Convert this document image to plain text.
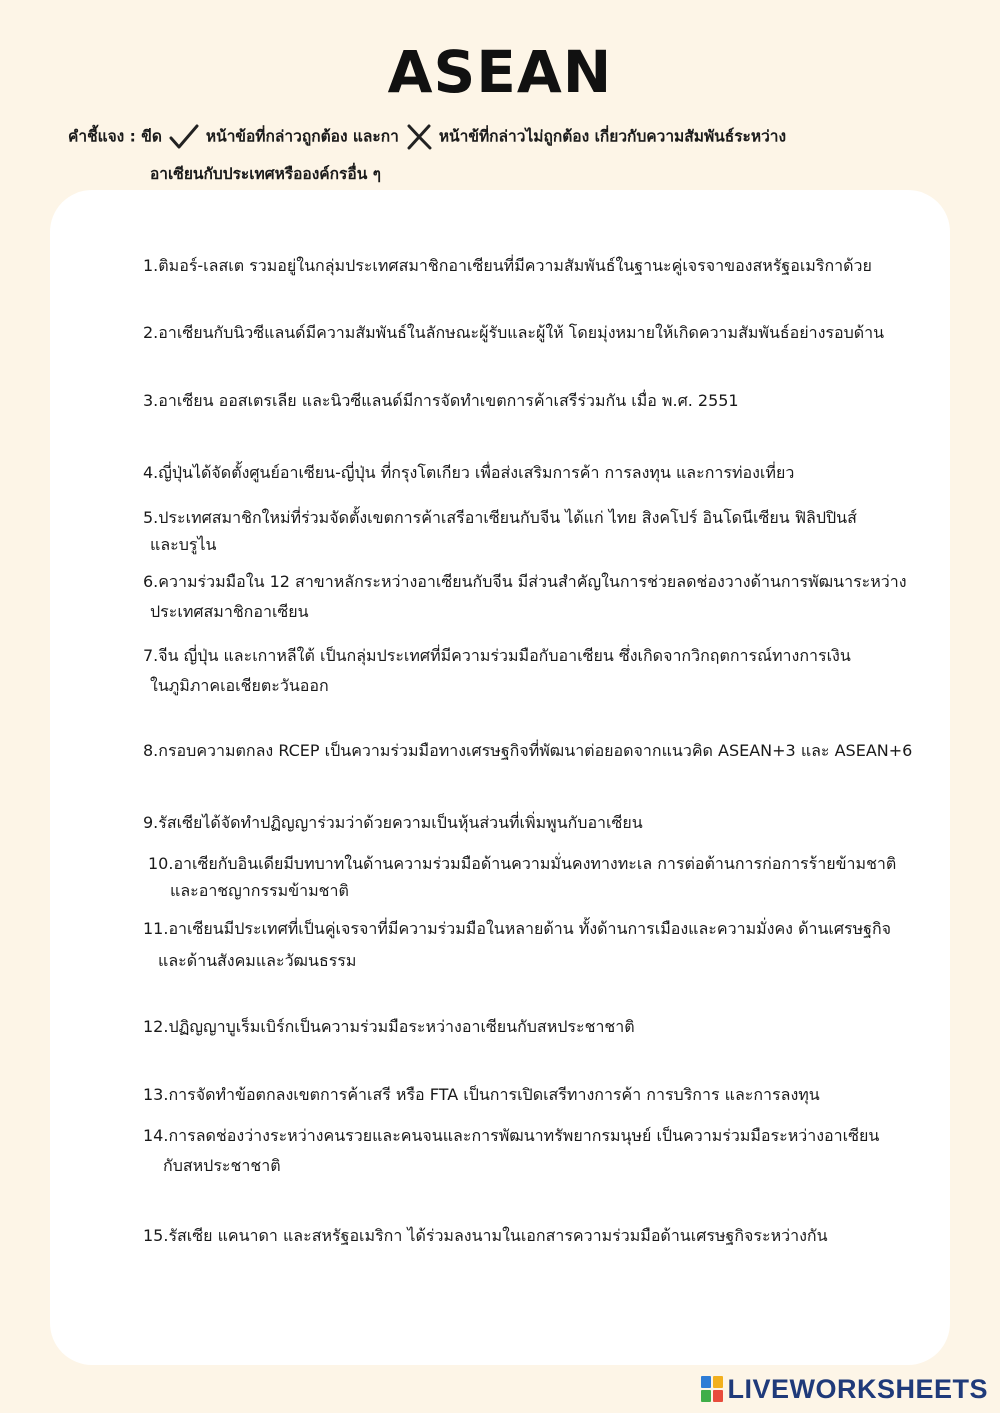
ASEAN
คำชี้แจง : ขีด	หน้าข้อที่กล่าวถูกต้อง และกา	หน้าข้ที่กล่าวไม่ถูกต้อง เกี่ยวกับความสัมพันธ์ระหว่าง
อาเซียนกับประเทศหรือองค์กรอื่น ๆ
1.ติมอร์-เลสเต รวมอยู่ในกลุ่มประเทศสมาชิกอาเซียนที่มีความสัมพันธ์ในฐานะคู่เจรจาของสหรัฐอเมริกาด้วย
2.อาเซียนกับนิวซีแลนด์มีความสัมพันธ์ในลักษณะผู้รับและผู้ให้ โดยมุ่งหมายให้เกิดความสัมพันธ์อย่างรอบด้าน
3.อาเซียน ออสเตรเลีย และนิวซีแลนด์มีการจัดทำเขตการค้าเสรีร่วมกัน เมื่อ พ.ศ. 2551
4.ญี่ปุ่นได้จัดตั้งศูนย์อาเซียน-ญี่ปุ่น ที่กรุงโตเกียว เพื่อส่งเสริมการค้า การลงทุน และการท่องเที่ยว
5.ประเทศสมาชิกใหม่ที่ร่วมจัดตั้งเขตการค้าเสรีอาเซียนกับจีน ได้แก่ ไทย สิงคโปร์ อินโดนีเซียน ฟิลิปปินส์
และบรูไน
6.ความร่วมมือใน 12 สาขาหลักระหว่างอาเซียนกับจีน มีส่วนสำคัญในการช่วยลดช่องวางด้านการพัฒนาระหว่าง
ประเทศสมาชิกอาเซียน
7.จีน ญี่ปุ่น และเกาหลีใต้ เป็นกลุ่มประเทศที่มีความร่วมมือกับอาเซียน ซึ่งเกิดจากวิกฤตการณ์ทางการเงิน
ในภูมิภาคเอเชียตะวันออก
8.กรอบความตกลง RCEP เป็นความร่วมมือทางเศรษฐกิจที่พัฒนาต่อยอดจากแนวคิด ASEAN+3 และ ASEAN+6
9.รัสเซียได้จัดทำปฏิญญาร่วมว่าด้วยความเป็นหุ้นส่วนที่เพิ่มพูนกับอาเซียน
10.อาเซียกับอินเดียมีบทบาทในด้านความร่วมมือด้านความมั่นคงทางทะเล การต่อต้านการก่อการร้ายข้ามชาติ
และอาชญากรรมข้ามชาติ
11.อาเซียนมีประเทศที่เป็นคู่เจรจาที่มีความร่วมมือในหลายด้าน ทั้งด้านการเมืองและความมั่งคง ด้านเศรษฐกิจ
และด้านสังคมและวัฒนธรรม
12.ปฏิญญาบูเร็มเบิร์กเป็นความร่วมมือระหว่างอาเซียนกับสหประชาชาติ
13.การจัดทำข้อตกลงเขตการค้าเสรี หรือ FTA เป็นการเปิดเสรีทางการค้า การบริการ และการลงทุน
14.การลดช่องว่างระหว่างคนรวยและคนจนและการพัฒนาทรัพยากรมนุษย์ เป็นความร่วมมือระหว่างอาเซียน
กับสหประชาชาติ
15.รัสเซีย แคนาดา และสหรัฐอเมริกา ได้ร่วมลงนามในเอกสารความร่วมมือด้านเศรษฐกิจระหว่างกัน
LIVEWORKSHEETS
